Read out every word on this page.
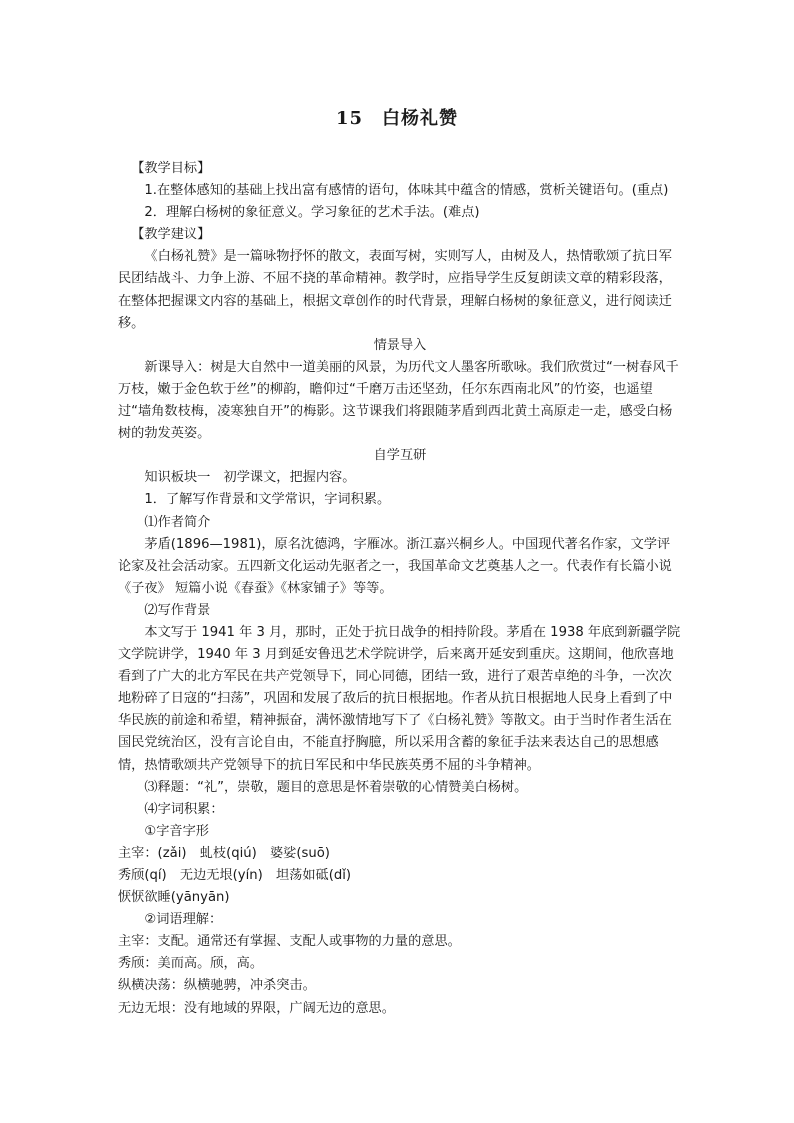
15　白杨礼赞

【教学目标】

1.在整体感知的基础上找出富有感情的语句，体味其中蕴含的情感，赏析关键语句。(重点)

2．理解白杨树的象征意义。学习象征的艺术手法。(难点)

【教学建议】

《白杨礼赞》是一篇咏物抒怀的散文，表面写树，实则写人，由树及人，热情歌颂了抗日军民团结战斗、力争上游、不屈不挠的革命精神。教学时，应指导学生反复朗读文章的精彩段落，在整体把握课文内容的基础上，根据文章创作的时代背景，理解白杨树的象征意义，进行阅读迁移。

情景导入

新课导入：树是大自然中一道美丽的风景，为历代文人墨客所歌咏。我们欣赏过“一树春风千万枝，嫩于金色软于丝”的柳韵，瞻仰过“千磨万击还坚劲，任尔东西南北风”的竹姿，也遥望过“墙角数枝梅，凌寒独自开”的梅影。这节课我们将跟随茅盾到西北黄土高原走一走，感受白杨树的勃发英姿。

自学互研

知识板块一　初学课文，把握内容。

1．了解写作背景和文学常识，字词积累。

⑴作者简介

茅盾(1896—1981)，原名沈德鸿，字雁冰。浙江嘉兴桐乡人。中国现代著名作家，文学评论家及社会活动家。五四新文化运动先驱者之一，我国革命文艺奠基人之一。代表作有长篇小说《子夜》 短篇小说《春蚕》《林家铺子》等等。

⑵写作背景

本文写于 1941 年 3 月，那时，正处于抗日战争的相持阶段。茅盾在 1938 年底到新疆学院文学院讲学，1940 年 3 月到延安鲁迅艺术学院讲学，后来离开延安到重庆。这期间，他欣喜地看到了广大的北方军民在共产党领导下，同心同德，团结一致，进行了艰苦卓绝的斗争，一次次地粉碎了日寇的“扫荡”，巩固和发展了敌后的抗日根据地。作者从抗日根据地人民身上看到了中华民族的前途和希望，精神振奋，满怀激情地写下了《白杨礼赞》等散文。由于当时作者生活在国民党统治区，没有言论自由，不能直抒胸臆，所以采用含蓄的象征手法来表达自己的思想感情，热情歌颂共产党领导下的抗日军民和中华民族英勇不屈的斗争精神。

⑶释题：“礼”，崇敬，题目的意思是怀着崇敬的心情赞美白杨树。

⑷字词积累：

①字音字形

主宰：(zǎi)　虬枝(qiú)　婆娑(suō)

秀颀(qí)　无边无垠(yín)　坦荡如砥(dǐ)

恹恹欲睡(yānyān)

②词语理解：

主宰：支配。通常还有掌握、支配人或事物的力量的意思。

秀颀：美而高。颀，高。

纵横决荡：纵横驰骋，冲杀突击。

无边无垠：没有地域的界限，广阔无边的意思。
